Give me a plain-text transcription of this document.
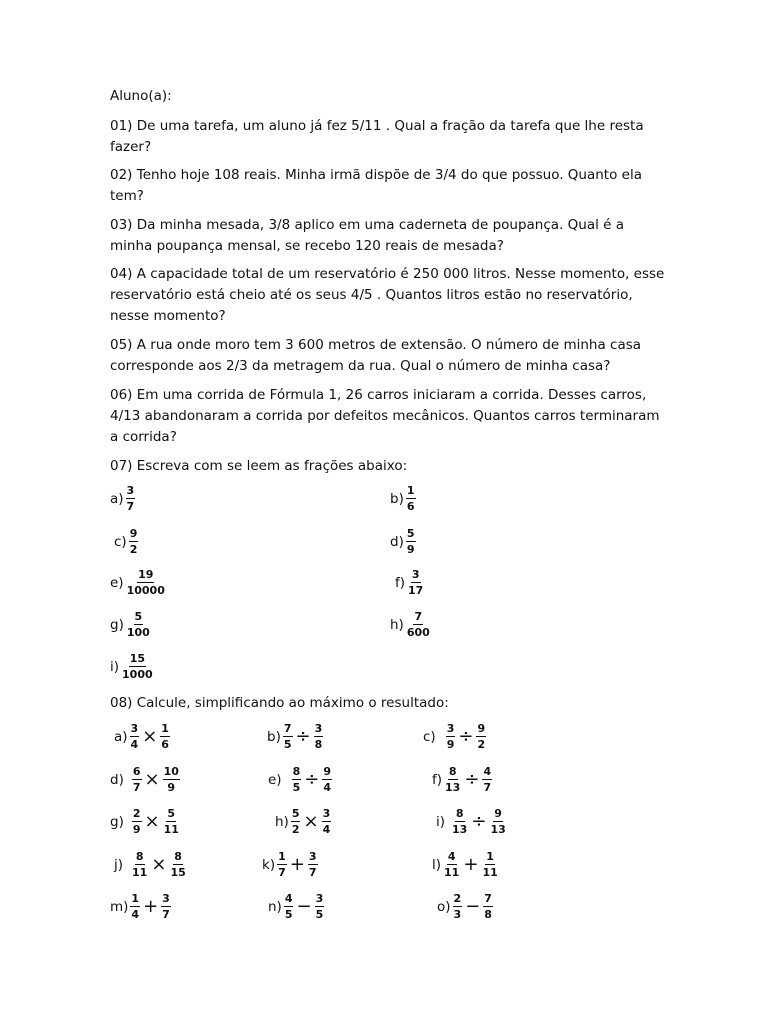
Aluno(a):
01) De uma tarefa, um aluno já fez 5/11 . Qual a fração da tarefa que lhe resta fazer?
02) Tenho hoje 108 reais. Minha irmã dispõe de 3/4 do que possuo. Quanto ela tem?
03) Da minha mesada, 3/8 aplico em uma caderneta de poupança. Qual é a minha poupança mensal, se recebo 120 reais de mesada?
04) A capacidade total de um reservatório é 250 000 litros. Nesse momento, esse reservatório está cheio até os seus 4/5 . Quantos litros estão no reservatório, nesse momento?
05) A rua onde moro tem 3 600 metros de extensão. O número de minha casa corresponde aos 2/3 da metragem da rua. Qual o número de minha casa?
06) Em uma corrida de Fórmula 1, 26 carros iniciaram a corrida. Desses carros, 4/13 abandonaram a corrida por defeitos mecânicos. Quantos carros terminaram a corrida?
07) Escreva com se leem as frações abaixo:
$a) \frac{3}{7}$	$b) \frac{1}{6}$
$c) \frac{9}{2}$	$d) \frac{5}{9}$
$e) \frac{19}{10000}$	$f) \frac{3}{17}$
$g) \frac{5}{100}$	$h) \frac{7}{600}$
$i) \frac{15}{1000}$
08) Calcule, simplificando ao máximo o resultado:
$a) \frac{3}{4} \times \frac{1}{6}$	$b) \frac{7}{5} \div \frac{3}{8}$	$c) \frac{3}{9} \div \frac{9}{2}$
$d) \frac{6}{7} \times \frac{10}{9}$	$e) \frac{8}{5} \div \frac{9}{4}$	$f) \frac{8}{13} \div \frac{4}{7}$
$g) \frac{2}{9} \times \frac{5}{11}$	$h) \frac{5}{2} \times \frac{3}{4}$	$i) \frac{8}{13} \div \frac{9}{13}$
$j) \frac{8}{11} \times \frac{8}{15}$	$k) \frac{1}{7} + \frac{3}{7}$	$l) \frac{4}{11} + \frac{1}{11}$
$m) \frac{1}{4} + \frac{3}{7}$	$n) \frac{4}{5} - \frac{3}{5}$	$o) \frac{2}{3} - \frac{7}{8}$
